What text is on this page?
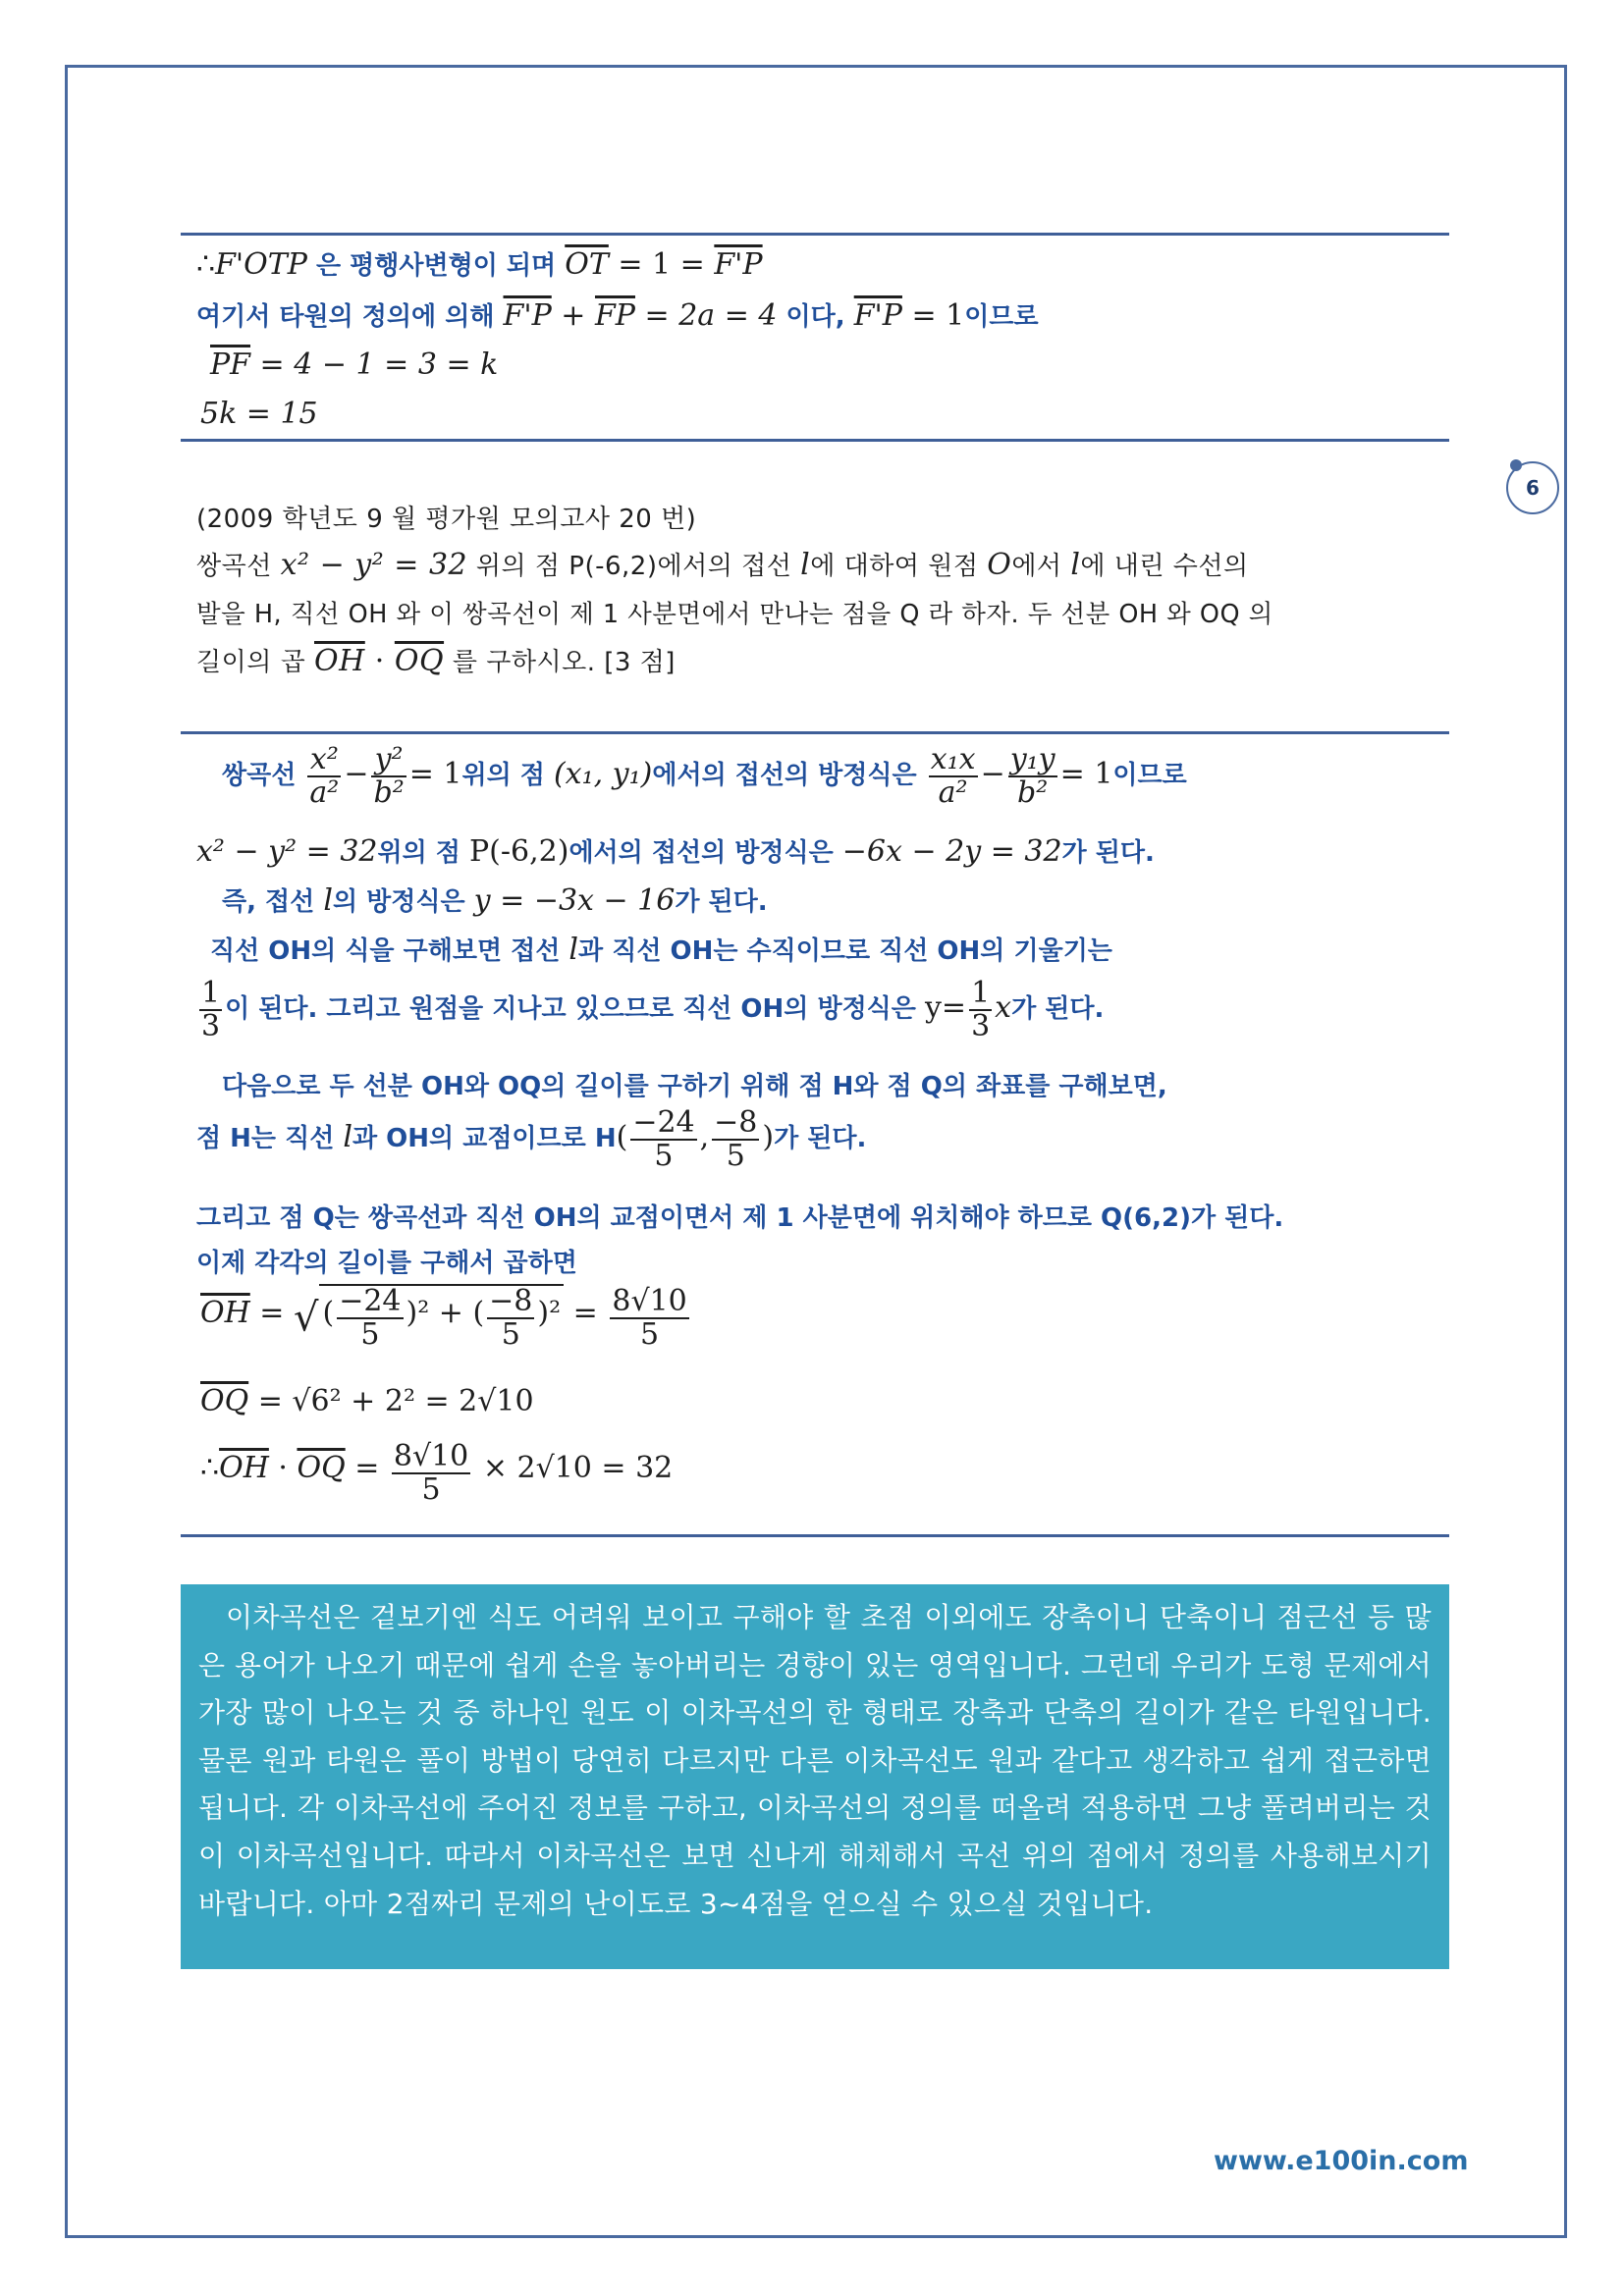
6
∴F'OTP 은 평행사변형이 되며 $\overline{OT} = 1 = F'P$
여기서 타원의 정의에 의해 $F'P + \overline{FP} = 2a = 4$ 이다, F'P = 1이므로
$\overline{PF} = 4 - 1 = 3 = k$
5k = 15
(2009 학년도 9 월 평가원 모의고사 20 번)
쌍곡선 x² − y² = 32 위의 점 P(-6,2)에서의 접선 l에 대하여 원점 O에서 l에 내린 수선의
발을 H, 직선 OH 와 이 쌍곡선이 제 1 사분면에서 만나는 점을 Q 라 하자. 두 선분 OH 와 OQ 의
길이의 곱 $\overline{OH} \cdot \overline{OQ}$ 를 구하시오. [3 점]
쌍곡선 $\frac{\text{x²}}{\text{a²}} - \frac{\text{y²}}{\text{b²}} = 1$위의 점 (x₁, y₁)에서의 접선의 방정식은 $\frac{\text{x₁x}}{\text{a²}} - \frac{\text{y₁y}}{\text{b²}} = 1$이므로
x² − y² = 32위의 점 P(-6,2)에서의 접선의 방정식은 −6x − 2y = 32가 된다.
즉, 접선 l의 방정식은 y = −3x − 16가 된다.
직선 OH의 식을 구해보면 접선 l과 직선 OH는 수직이므로 직선 OH의 기울기는
$\frac{1}{3}$ 이 된다. 그리고 원점을 지나고 있으므로 직선 OH의 방정식은 $y= \frac{1}{3}$ x가 된다.
다음으로 두 선분 OH와 OQ의 길이를 구하기 위해 점 H와 점 Q의 좌표를 구해보면,
점 H는 직선 l과 OH의 교점이므로 $H( \frac{-24}{5}$ , $\frac{-8}{5}$ )가 된다.
그리고 점 Q는 쌍곡선과 직선 OH의 교점이면서 제 1 사분면에 위치해야 하므로 Q(6,2)가 된다.
이제 각각의 길이를 구해서 곱하면
$\overline{OH}$ = √ ( $\frac{-24}{5} )^2$ + ( $\frac{-8}{5} )^2 = \frac{8√10}{5}$
$\overline{OQ} = √6^2 + 2^2 = 2√10$
$\therefore\overline{OH} \cdot \overline{OQ} = \frac{8√10}{5} \times 2√10 = 32$
이차곡선은 겉보기엔 식도 어려워 보이고 구해야 할 초점 이외에도 장축이니 단축이니 점근선 등 많은 용어가 나오기 때문에 쉽게 손을 놓아버리는 경향이 있는 영역입니다. 그런데 우리가 도형 문제에서 가장 많이 나오는 것 중 하나인 원도 이 이차곡선의 한 형태로 장축과 단축의 길이가 같은 타원입니다. 물론 원과 타원은 풀이 방법이 당연히 다르지만 다른 이차곡선도 원과 같다고 생각하고 쉽게 접근하면 됩니다. 각 이차곡선에 주어진 정보를 구하고, 이차곡선의 정의를 떠올려 적용하면 그냥 풀려버리는 것이 이차곡선입니다. 따라서 이차곡선은 보면 신나게 해체해서 곡선 위의 점에서 정의를 사용해보시기 바랍니다. 아마 2점짜리 문제의 난이도로 3~4점을 얻으실 수 있으실 것입니다.
www.e100in.com
